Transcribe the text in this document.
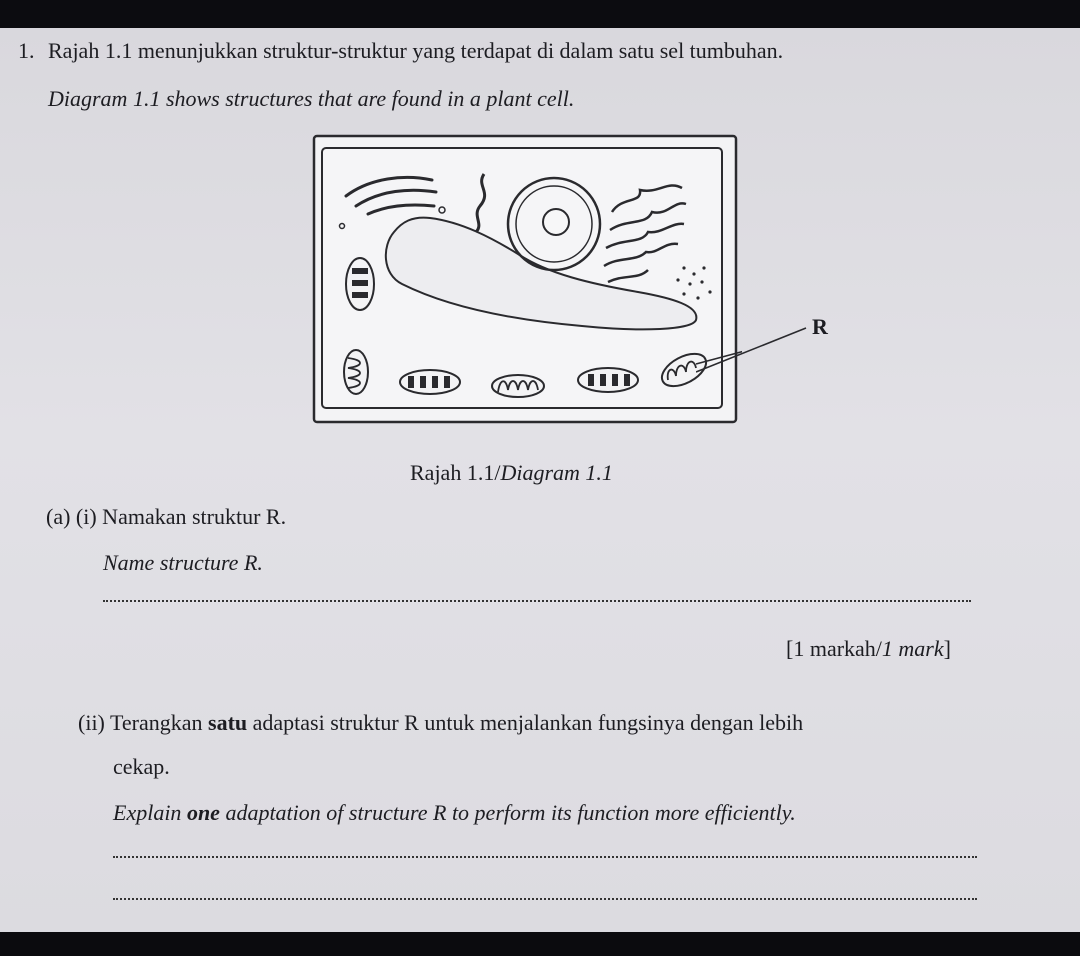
1. Rajah 1.1 menunjukkan struktur-struktur yang terdapat di dalam satu sel tumbuhan.
Diagram 1.1 shows structures that are found in a plant cell.
R
Rajah 1.1/Diagram 1.1
(a) (i) Namakan struktur R.
Name structure R.
[1 markah/1 mark]
(ii) Terangkan satu adaptasi struktur R untuk menjalankan fungsinya dengan lebih
cekap.
Explain one adaptation of structure R to perform its function more efficiently.
